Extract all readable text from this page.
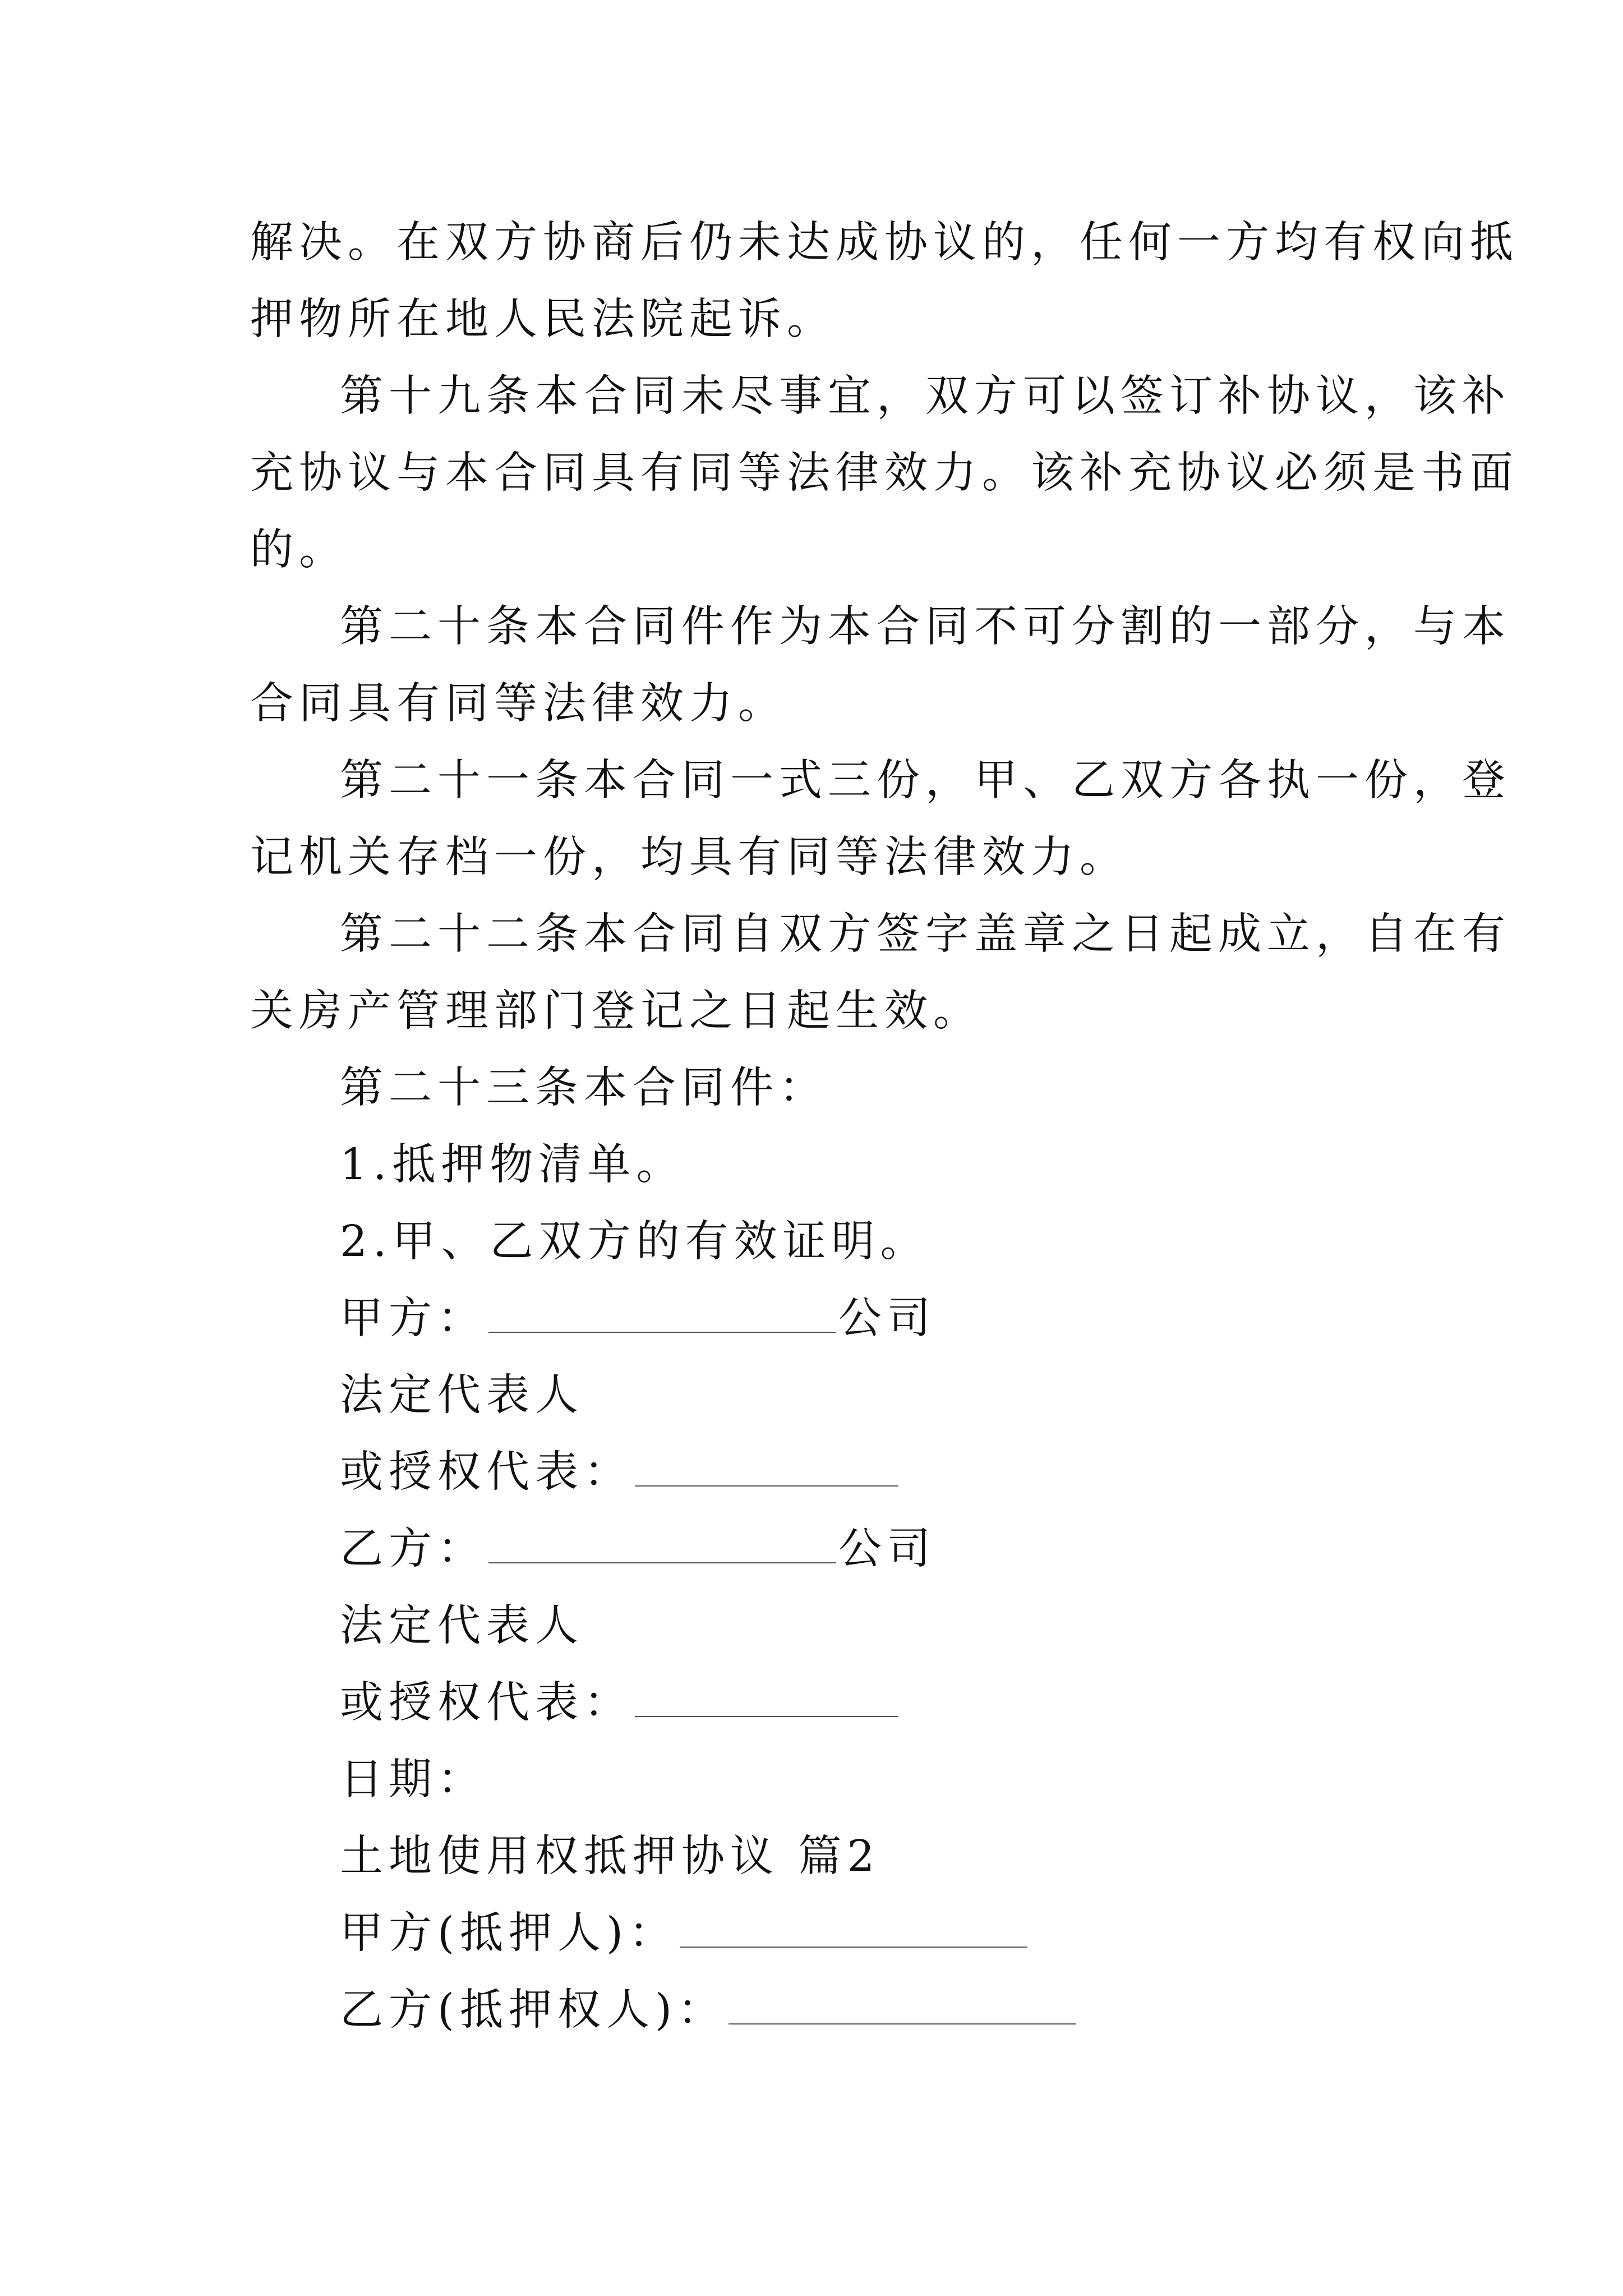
解决。在双方协商后仍未达成协议的，任何一方均有权向抵
押物所在地人民法院起诉。
第十九条本合同未尽事宜，双方可以签订补协议，该补
充协议与本合同具有同等法律效力。该补充协议必须是书面
的。
第二十条本合同件作为本合同不可分割的一部分，与本
合同具有同等法律效力。
第二十一条本合同一式三份，甲、乙双方各执一份，登
记机关存档一份，均具有同等法律效力。
第二十二条本合同自双方签字盖章之日起成立，自在有
关房产管理部门登记之日起生效。
第二十三条本合同件：
1.抵押物清单。
2.甲、乙双方的有效证明。
甲方：	公司
法定代表人
或授权代表：
乙方：	公司
法定代表人
或授权代表：
日期：
土地使用权抵押协议 篇2
甲方(抵押人)：
乙方(抵押权人)：
